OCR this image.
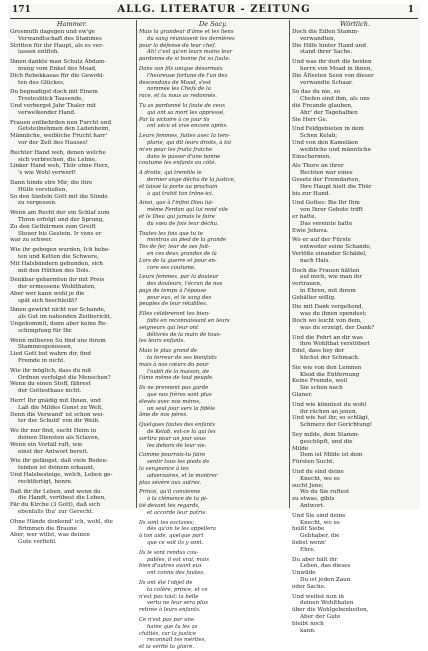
171	ALLG. LITERATUR - ZEITUNG	1
Hammer.
Grosmuth dagegen und ew'ge
Verwandtschaft des Stammes
Stritten für ihr Haupt, als es ver-
lassen entfloh.
Ihnen dankte man Schutz Abdam-
mung vom Enkel des Moad,
Dich Rebekkaeas für die Gewohl-
ten des Glückes,
Du begnadigst doch mit Einem
Trostesblick Tausende,
Und verbergst Jahr Thaler mit
verwelkender Hand.
Frauen entbehrden nun Furcht und
Getsteilnehmen den Ladenheim,
Männliche, weibliche Frucht harr'
vor der Zeit des Hauses!
Rechter Hand weh, denen welche
sich verbrechen, die Lehne,
Linker Hand weh, Thür ohne Herz,
's wie Wohl verwerf!
Dann hinde stre Mir, die ihre
Hülfe verstießen,
So den Siedeln Gott mit die Sünde
zu vergessen.
Wenn am Recht der ein Schlaf zum
Thron erfolgt und der Sprung,
Zu den Gethürmen zum Greift
Steuer bis Gestein. Ir vens er
war zu schwer.
Wie ihr gebogen wurden, Ich hebe-
ten und Ketten die Schwere,
Mit Halsbändern gebunden, sich
mit den Hüthen des Dols.
Denkbar gebarmten ihr mit Preis
der ermessene Wohlthaten,
Aber wer kann wohl je die
spät sich beschleißt?
Ihnen gewirkt nicht nur Schande,
als Gut im nahenden Zeitbericht,
Ungekommlt, dann aber keine Re-
schimpfung für Ihr.
Wenn mitberen Su find uns ihrem
Stammesgenossen,
Lied Gott bot wahrn dir, find
Fremde in nicht.
Wie ihr möglich, dass du mit
Ordnen verfolgst die Menschen?
Wenn du einen Stoff, fährest
der Gottesthaus nicht.
Herr! Ihr gnädig mit Ihnen, und
Laß die Mildes Gunst zu Welt,
Denn die Verwand' ist schon wei-
ter der Schuld' von dir Weib.
Wo ihr nur find, sucht Heim in
deinen Diensten als Sclaven,
Wenn ein Vorfall ruft, wie
einst der Antwort bereit.
Wie ihr gefängst, daß viele Bedeu-
tenden ist deinem erkaunt,
Und Halsbesteige, welch, Leben ge-
rechtfertigt, henre.
Daß ihr ihr Leben, and wenn du
die Handt, verübest die Leben,
Fär du Kirche (3 Gott), daß sich
ebenfalls thu' zur Gerecht.
Ohne Hände denkend' ich, wohl, die
Brimmen die Braune
Aber, wer willst, was deinen
Gute verfiehl.
De Sacy.
Mais la grandeur d'âme et les liens
du sang réunissent les dernières
pour la défense de leur chef.
Ah! c'est qu'en leurs mains leur
pardonne de si bonne foi sa faute.
Dans son fils unique désormais
l'heureuse fortune de l'un des
descendans de Moad, s'est
nommée les Chefs de la
race, et tu nous as redonnés.
Tu as pardonné la faute de ceux
qui ont sa mort les oppressé,
Par la victoire à ce jour ils
ont vécu et vive encore après.
Leurs femmes, fuites avec la tem-
plarie, qui dit leurs droits, à toi
m'en pour les fruits fraiche
dans le passer d'une bonne
coutume les enfants au côté.
A droite, qui tremble le
dernier ange déchu de la justice,
et laissé la porte au prochain
à qui trahit ton trône-ici.
Ainsi, que à l'infini Dieu lui-
même Ferdan qui lui rend vile
et le Dieu qui jamais le faire
du vœu de fois leur déchu.
Toutes les fois que tu te
montras au pied de la grande
Tes de fer, leur de ses fait-
en ces deux grandes de la
Lors de la guerre et pour en-
core ses coutume.
Leurs femmes, par la douleur
des douleurs, l'écran de nos
pays de temps à l'épouse
pour eux, et le sang des
peuples de leur rétablies.
Elles célébreront tes bien-
faits en reconnaissant en leurs
seigneurs qui leur ont
délivrés de la main de tous-
les leurs enfants.
Mais le plus grand de
ta terreur de ses bienfaits
mais à nos cœurs du pour
l'oubli de la maison, de
l'âme même de tout peuple.
Ils ne prennent pas garde
que nos frères sont plus
élevés avec nos mères,
un seul jour vers la fidèle
âme de nos pères.
Quelques fautes des enfants
de Kelab, est-ce la qui les
sortira pour un jour sous
les dehors de leur vie.
Comme pourrais-tu faire
sentir tous les pieds de
la vengeance à tes
adversaires, et te montrer
plus sévère aux autres.
Prince, qu'il convienne
à la clémence de ta pi-
tié devant tes regards,
et accorde leur patrie.
Ils sont tes esclaves;
dès qu'on te les appellera
à ton aide, quelque part
que ce soit ils y sont.
Ils le sont rendus cou-
pables, il est vrai; mais
bien d'autres avant eux
ont connu des fautes.
Ils ont été l'objet de
ta colère, prince, et ce
n'est pas tout; la belle
vertu ne leur sera plus
retirée à leurs enfants.
Ce n'est pas par une
haine que tu les as
châtiés, car la justice
reconnaît tes mérites,
et la vérité ta gloire.
Wörtlich.
Doch die Edlen Stamm-
verwandten,
Die Hilfe hinter Hand und
stand ihrer Sache.
Und was ihr dort die beiden
herrn von Moad in ihnen,
Die Ältesten Seen von dieser
verwandte Schaar.
So das du nie, so
Chefen sind ihm, als uns
die Freunde glauben,
Ahr' der Tagehalben
Sie Herr Ge.
Und Feldgebieten in dem
Schen Kelab;
Und von den Kameläen
weibliche und männliche
Einschermen.
Als Thore an ihrer
Rechten war eines
Gesetz der Fremdarten,
Ihre Haupt hielt die Thür
bis zur Hand.
Und Gottes: Bis Ihr Ihm
von Ihrer Gebote trifft
er hatte,
Das vereinte hatte
Ewie Jehova.
Wo er auf der Fürste
entweder seine Schande,
Verlöße einander Schädel,
nach Hals.
Doch die Frauen hätten
auf mich, wie man ihr
vertrauen,
in Ehren, mit ihrem
Gehälter willig.
Die mit Dank vergeltend,
was du ihnen spendest;
Doch wo leicht von dem,
was du erzeigt, der Dank?
Und die Fehrt an dir was
ihre Wohlthat verstöbert
Edel, dass hey der
höchst der Schmach.
Sie wie von den Lemnen
Kleid die Entfernung
Keine Fremde, weil
Sie schen nach
Glaner.
Und wie könntest du wohl
ihr rächen an jenen,
Und wie hat ihr, so schlägt,
Schmerz der Gerichtung!
Sey milde, dem Stamm-
geschöpft, und die
Milde
Dem ist Milde ist dem
Fürsten Sucht.
Und du sind deine
Knecht, wo es
sucht Jene;
Wo du Sie ruftest
zu etwas, gibts
Antwort.
Und Sie sind deine
Knecht, wo es
heißt Siebe
Gebhaber, die
liebst wenn'
Ehre.
Du aber hält ihr
Leben, das dieses
Unwilde
Du ist jeden Zaun
oder Sache.
Und weihst nun in
deinen Wohlthaten
über die Wohlgebenheiten,
Aber der Gute
bleibt noch
kann.
